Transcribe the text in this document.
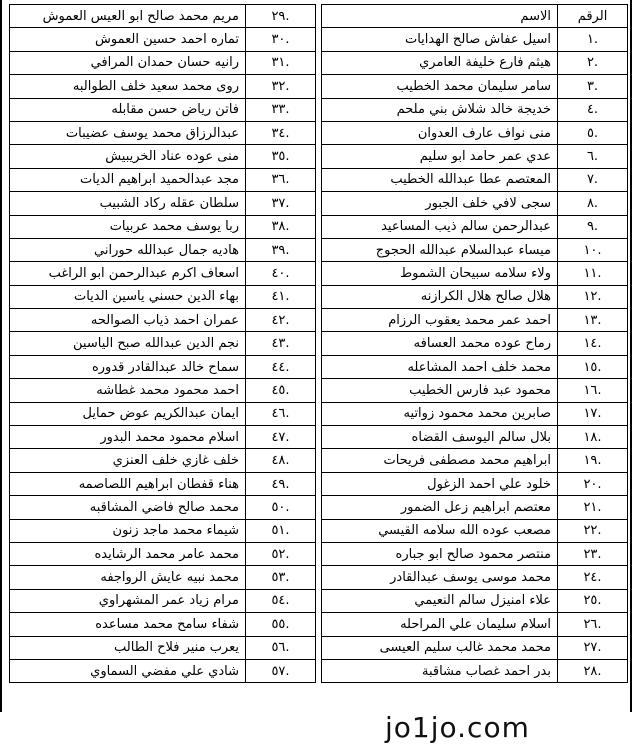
الاسم	الرقم
اسيل عفاش صالح الهدايات	.١
هيثم فارع خليفة العامري	.٢
سامر سليمان محمد الخطيب	.٣
خديجة خالد شلاش بني ملحم	.٤
منى نواف عارف العدوان	.٥
عدي عمر حامد ابو سليم	.٦
المعتصم عطا عبدالله الخطيب	.٧
سجى لافي خلف الجبور	.٨
عبدالرحمن سالم ذيب المساعيد	.٩
ميساء عبدالسلام عبدالله الحجوج	.١٠
ولاء سلامه سبيحان الشموط	.١١
هلال صالح هلال الكرازنه	.١٢
احمد عمر محمد يعقوب الرزام	.١٣
رماح عوده محمد العسافه	.١٤
محمد خلف احمد المشاعله	.١٥
محمود عبد فارس الخطيب	.١٦
صابرين محمد محمود زواتيه	.١٧
بلال سالم اليوسف القضاه	.١٨
ابراهيم محمد مصطفى فريحات	.١٩
خلود علي احمد الزغول	.٢٠
معتصم ابراهيم زعل الضمور	.٢١
مصعب عوده الله سلامه القيسي	.٢٢
منتصر محمود صالح ابو جباره	.٢٣
محمد موسى يوسف عبدالقادر	.٢٤
علاء امنيزل سالم النعيمي	.٢٥
اسلام سليمان علي المراحله	.٢٦
محمد محمد غالب سليم العيسى	.٢٧
بدر احمد غصاب مشاقبة	.٢٨
مريم محمد صالح ابو العيس العموش	.٢٩
تماره احمد حسين العموش	.٣٠
رانيه حسان حمدان المرافي	.٣١
روى محمد سعيد خلف الطوالبه	.٣٢
فاتن رياض حسن مقابله	.٣٣
عبدالرزاق محمد يوسف عضيبات	.٣٤
منى عوده عناد الخريبيش	.٣٥
مجد عبدالحميد ابراهيم الديات	.٣٦
سلطان عقله ركاد الشبيب	.٣٧
ربا يوسف محمد عربيات	.٣٨
هاديه جمال عبدالله حوراني	.٣٩
اسعاف اكرم عبدالرحمن ابو الراغب	.٤٠
بهاء الدين حسني ياسين الديات	.٤١
عمران احمد ذياب الصوالحه	.٤٢
نجم الدين عبدالله صبح الياسين	.٤٣
سماح خالد عبدالقادر قدوره	.٤٤
احمد محمود محمد غطاشه	.٤٥
ايمان عبدالكريم عوض حمايل	.٤٦
اسلام محمود محمد البدور	.٤٧
خلف غازي خلف العنزي	.٤٨
هناء قفطان ابراهيم اللصاصمه	.٤٩
محمد صالح فاضي المشاقبه	.٥٠
شيماء محمد ماجد زنون	.٥١
محمد عامر محمد الرشايده	.٥٢
محمد نبيه عايش الرواجفه	.٥٣
مرام زياد عمر المشهراوي	.٥٤
شفاء سامح محمد مساعده	.٥٥
يعرب منير فلاح الطالب	.٥٦
شادي علي مفضي السماوي	.٥٧
jo1jo.com
